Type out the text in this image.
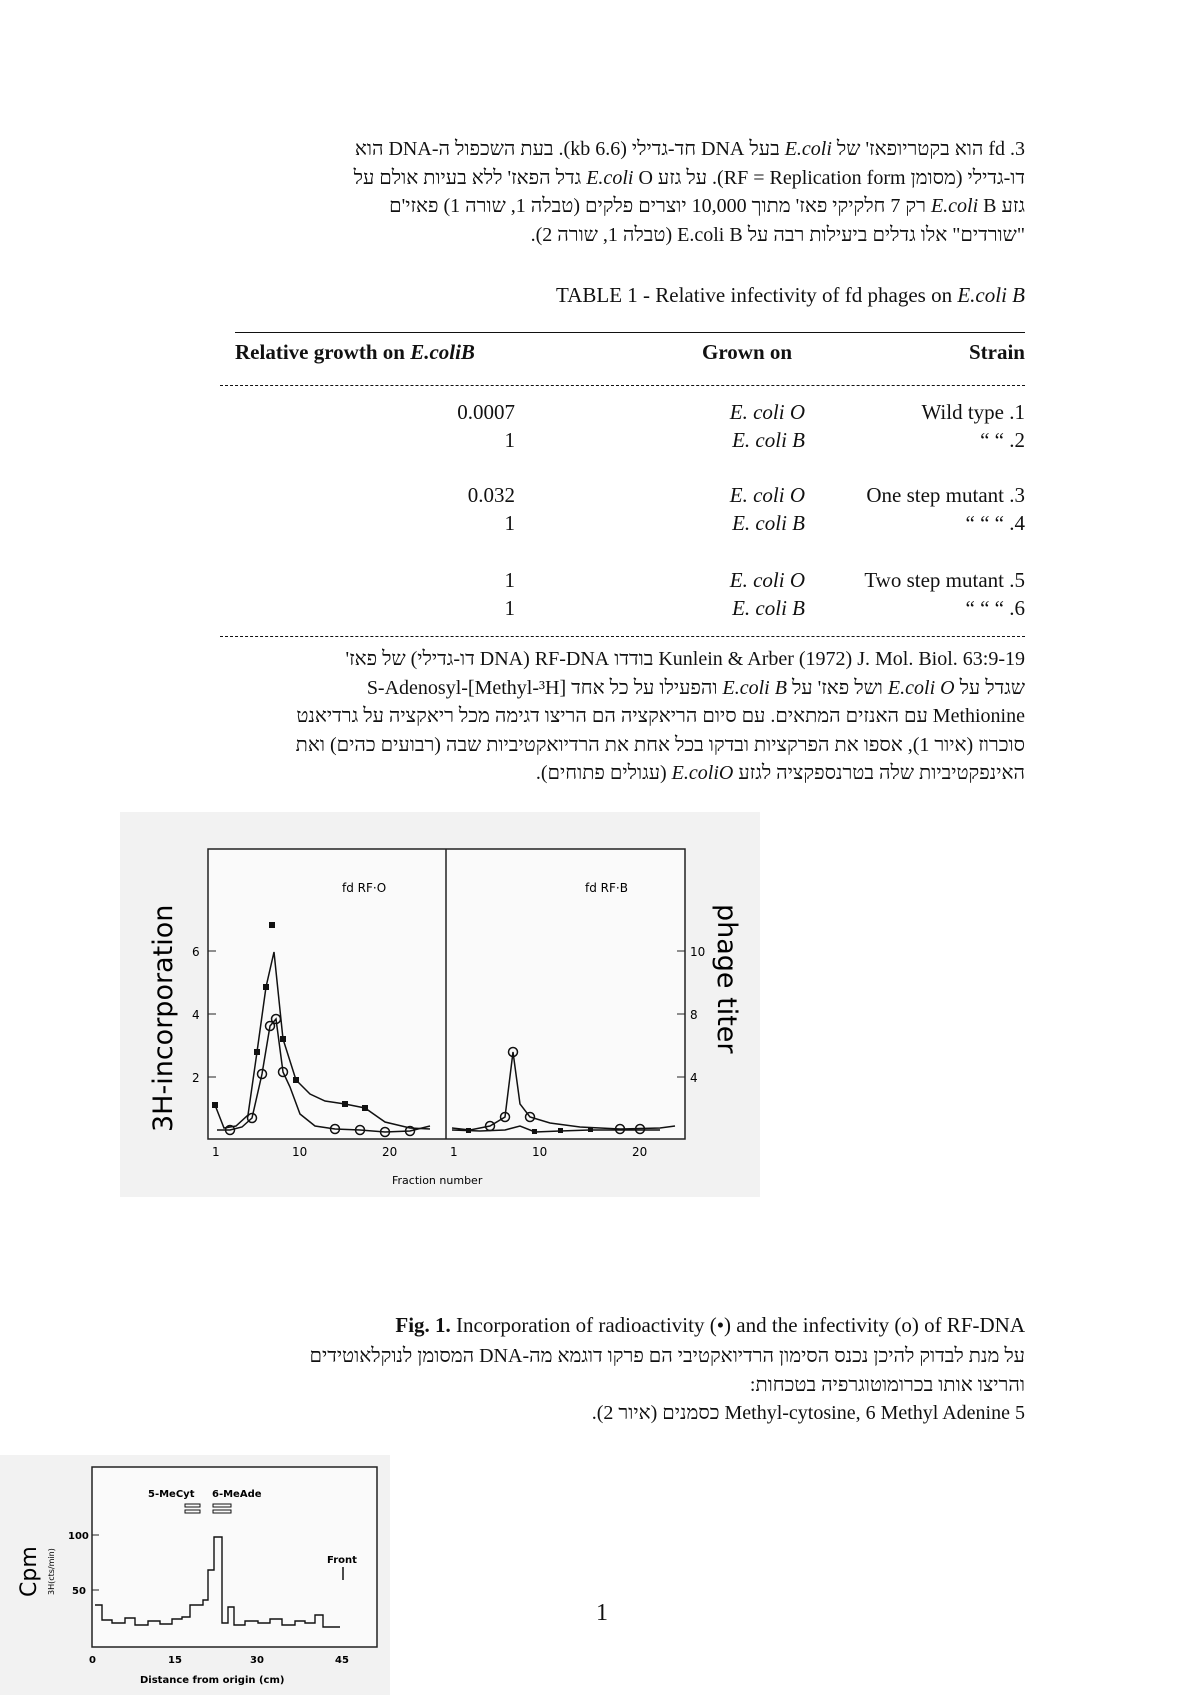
fd .3 הוא בקטריופאז' של E.coli בעל DNA חד-גדילי (6.6 kb). בעת השכפול ה-DNA הוא
דו-גדילי (מסומן RF = Replication form). על גזע E.coli O גדל הפאז' ללא בעיות אולם על
גזע E.coli B רק 7 חלקיקי פאז' מתוך 10,000 יוצרים פלקים (טבלה 1, שורה 1) פאזי'ם
"שורדים" אלו גדלים ביעילות רבה על E.coli B (טבלה 1, שורה 2).
TABLE 1 - Relative infectivity of fd phages on E.coli B
Relative growth on E.coliB	Grown on	Strain
0.0007	E. coli O	Wild type .1
1	E. coli B	“ “ .2
0.032	E. coli O	One step mutant .3
1	E. coli B	“ “ “ .4
1	E. coli O	Two step mutant .5
1	E. coli B	“ “ “ .6
Kunlein & Arber (1972) J. Mol. Biol. 63:9-19 בודדו RF-DNA (DNA דו-גדילי) של פאז'
שגדל על E.coli O ושל פאז' על E.coli B והפעילו על כל אחד S-Adenosyl-[Methyl-³H]
Methionine עם האנזים המתאים. עם סיום הריאקציה הם הריצו דגימה מכל ריאקציה על גרדיאנט
סוכרוז (איור 1), אספו את הפרקציות ובדקו בכל אחת את הרדיואקטיביות שבה (רבועים כהים) ואת
האינפקטיביות שלה בטרנספקציה לגזע E.coliO (עגולים פתוחים).
fd RF·O	fd RF·B
6
4
2
10
8
4
3H-incorporation	phage titer
1	10	20	1	10	20
Fraction number
Fig. 1. Incorporation of radioactivity (•) and the infectivity (o) of RF-DNA
על מנת לבדוק להיכן נכנס הסימון הרדיואקטיבי הם פרקו דוגמא מה-DNA המסומן לנוקלאוטידים
והריצו אותו בכרומוטוגרפיה בטכחות:
5 Methyl-cytosine, 6 Methyl Adenine כסמנים (איור 2).
5-MeCyt 6-MeAde
Front
100
50
Cpm 3H(cts/min)
0	15	30	45
Distance from origin (cm)
1
